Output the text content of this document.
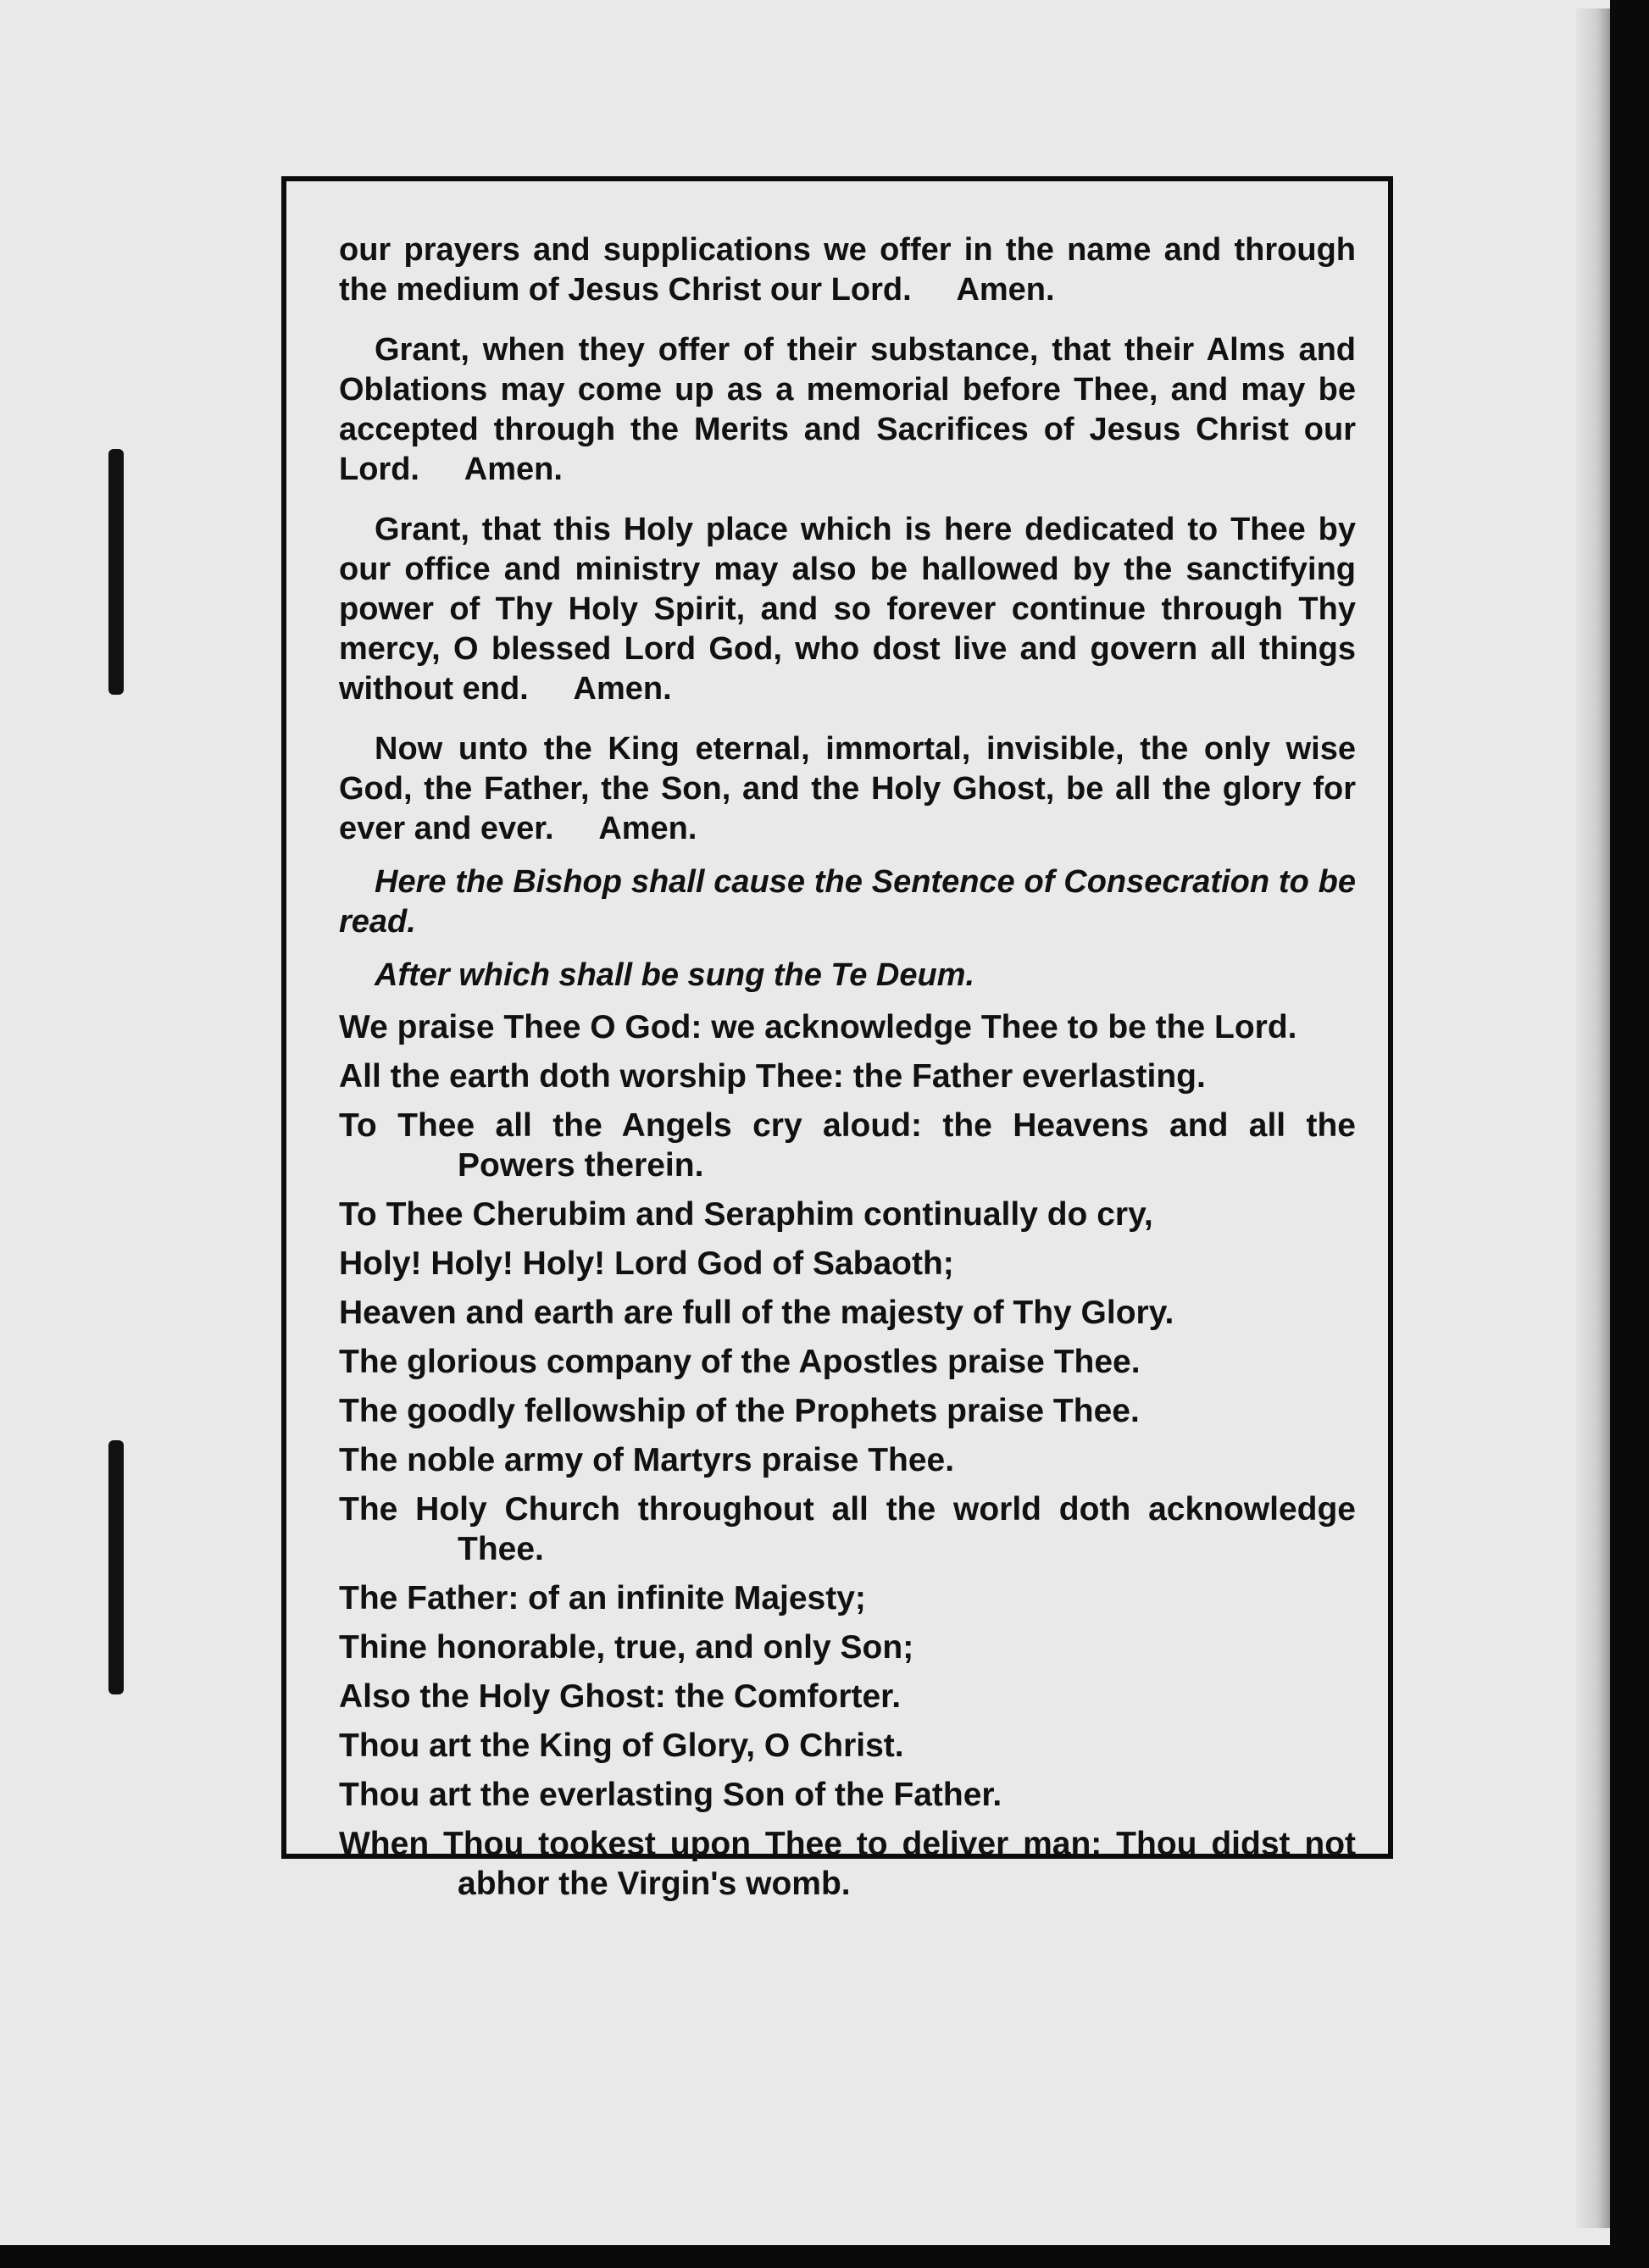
our prayers and supplications we offer in the name and through the medium of Jesus Christ our Lord. Amen.

Grant, when they offer of their substance, that their Alms and Oblations may come up as a memorial before Thee, and may be accepted through the Merits and Sacrifices of Jesus Christ our Lord. Amen.

Grant, that this Holy place which is here dedicated to Thee by our office and ministry may also be hallowed by the sanctifying power of Thy Holy Spirit, and so forever continue through Thy mercy, O blessed Lord God, who dost live and govern all things without end. Amen.

Now unto the King eternal, immortal, invisible, the only wise God, the Father, the Son, and the Holy Ghost, be all the glory for ever and ever. Amen.

Here the Bishop shall cause the Sentence of Consecration to be read.

After which shall be sung the Te Deum.

We praise Thee O God: we acknowledge Thee to be the Lord.

All the earth doth worship Thee: the Father everlasting.

To Thee all the Angels cry aloud: the Heavens and all the Powers therein.

To Thee Cherubim and Seraphim continually do cry,

Holy! Holy! Holy! Lord God of Sabaoth;

Heaven and earth are full of the majesty of Thy Glory.

The glorious company of the Apostles praise Thee.

The goodly fellowship of the Prophets praise Thee.

The noble army of Martyrs praise Thee.

The Holy Church throughout all the world doth acknowledge Thee.

The Father: of an infinite Majesty;

Thine honorable, true, and only Son;

Also the Holy Ghost: the Comforter.

Thou art the King of Glory, O Christ.

Thou art the everlasting Son of the Father.

When Thou tookest upon Thee to deliver man: Thou didst not abhor the Virgin's womb.
